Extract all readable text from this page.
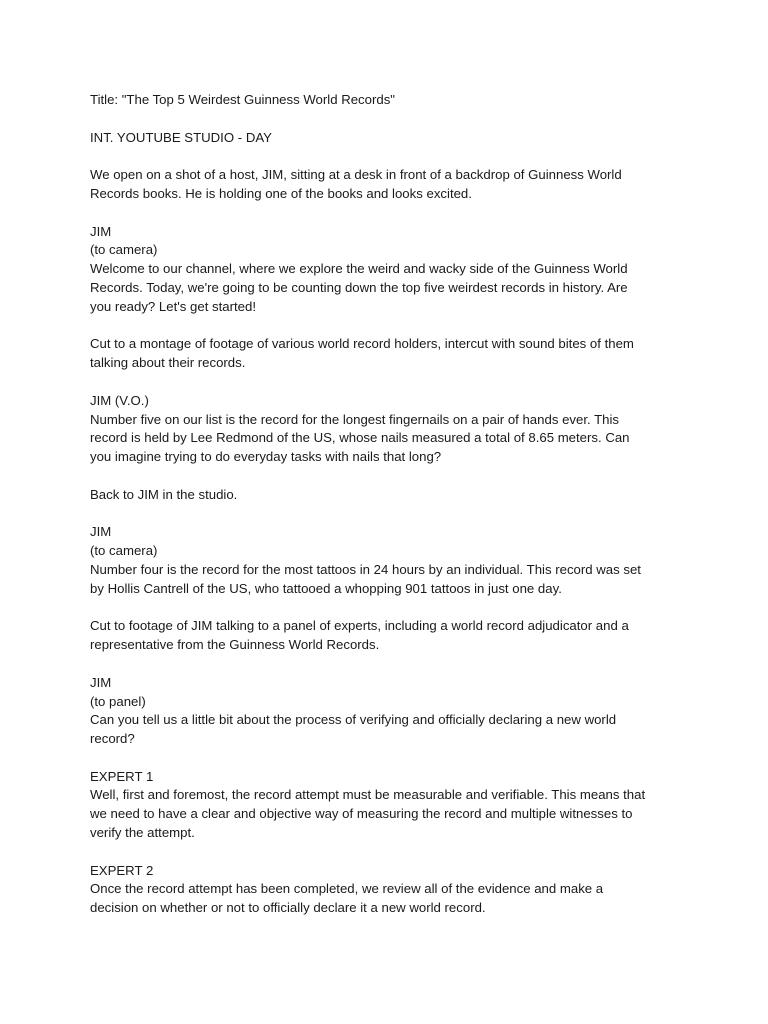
Title: "The Top 5 Weirdest Guinness World Records"
INT. YOUTUBE STUDIO - DAY
We open on a shot of a host, JIM, sitting at a desk in front of a backdrop of Guinness World
Records books. He is holding one of the books and looks excited.
JIM
(to camera)
Welcome to our channel, where we explore the weird and wacky side of the Guinness World
Records. Today, we're going to be counting down the top five weirdest records in history. Are
you ready? Let's get started!
Cut to a montage of footage of various world record holders, intercut with sound bites of them
talking about their records.
JIM (V.O.)
Number five on our list is the record for the longest fingernails on a pair of hands ever. This
record is held by Lee Redmond of the US, whose nails measured a total of 8.65 meters. Can
you imagine trying to do everyday tasks with nails that long?
Back to JIM in the studio.
JIM
(to camera)
Number four is the record for the most tattoos in 24 hours by an individual. This record was set
by Hollis Cantrell of the US, who tattooed a whopping 901 tattoos in just one day.
Cut to footage of JIM talking to a panel of experts, including a world record adjudicator and a
representative from the Guinness World Records.
JIM
(to panel)
Can you tell us a little bit about the process of verifying and officially declaring a new world
record?
EXPERT 1
Well, first and foremost, the record attempt must be measurable and verifiable. This means that
we need to have a clear and objective way of measuring the record and multiple witnesses to
verify the attempt.
EXPERT 2
Once the record attempt has been completed, we review all of the evidence and make a
decision on whether or not to officially declare it a new world record.
